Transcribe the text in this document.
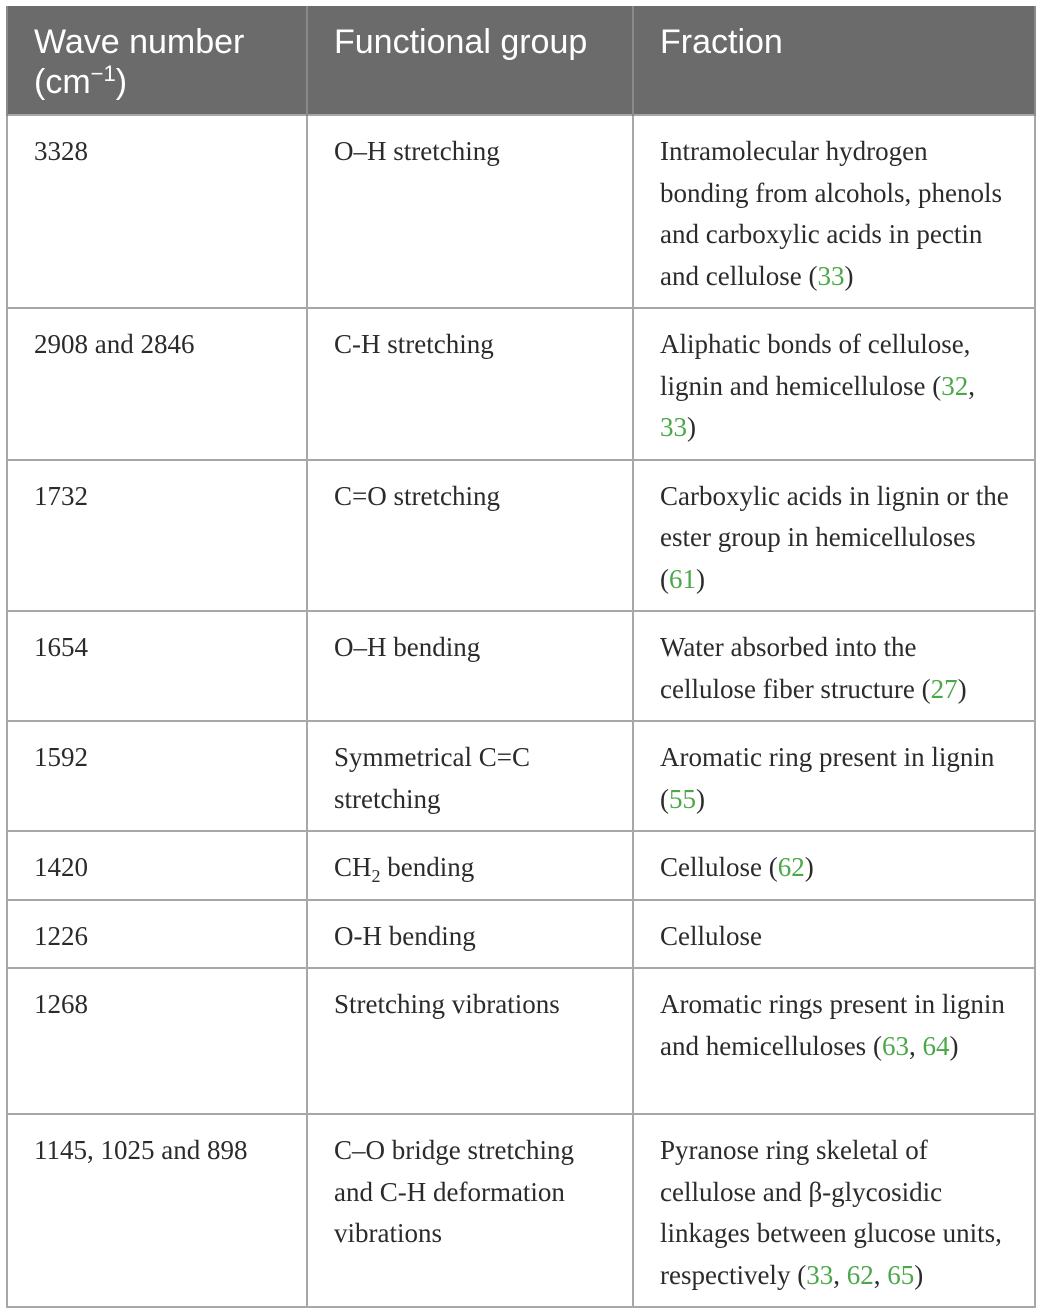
Wave number
$(cm^{-1})$	Functional group	Fraction
3328	O–H stretching	Intramolecular hydrogen bonding from alcohols, phenols and carboxylic acids in pectin and cellulose (33)
2908 and 2846	C-H stretching	Aliphatic bonds of cellulose, lignin and hemicellulose (32, 33)
1732	C=O stretching	Carboxylic acids in lignin or the ester group in hemicelluloses (61)
1654	O–H bending	Water absorbed into the cellulose fiber structure (27)
1592	Symmetrical C=C stretching	Aromatic ring present in lignin (55)
1420	$CH_2$ bending	Cellulose (62)
1226	O-H bending	Cellulose
1268	Stretching vibrations	Aromatic rings present in lignin and hemicelluloses (63, 64)
1145, 1025 and 898	C–O bridge stretching and C-H deformation vibrations	Pyranose ring skeletal of cellulose and β-glycosidic linkages between glucose units, respectively (33, 62, 65)
